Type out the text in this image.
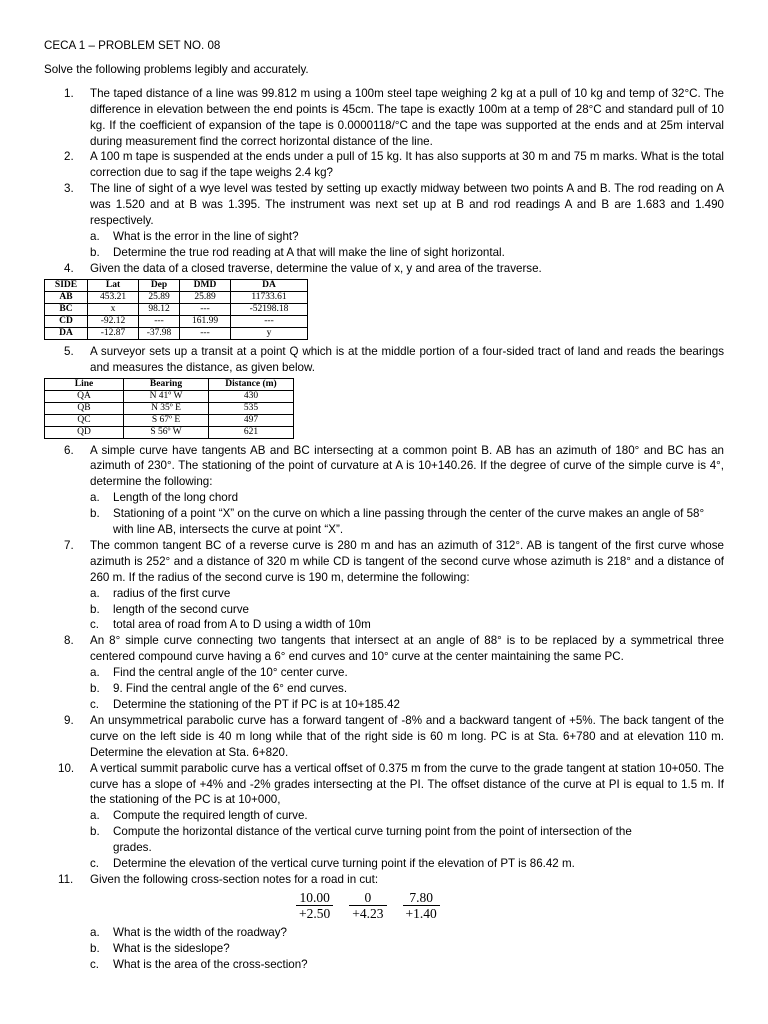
CECA 1 – PROBLEM SET NO. 08
Solve the following problems legibly and accurately.
1. The taped distance of a line was 99.812 m using a 100m steel tape weighing 2 kg at a pull of 10 kg and temp of 32°C. The difference in elevation between the end points is 45cm. The tape is exactly 100m at a temp of 28°C and standard pull of 10 kg. If the coefficient of expansion of the tape is 0.0000118/°C and the tape was supported at the ends and at 25m interval during measurement find the correct horizontal distance of the line.
2. A 100 m tape is suspended at the ends under a pull of 15 kg. It has also supports at 30 m and 75 m marks. What is the total correction due to sag if the tape weighs 2.4 kg?
3. The line of sight of a wye level was tested by setting up exactly midway between two points A and B. The rod reading on A was 1.520 and at B was 1.395. The instrument was next set up at B and rod readings A and B are 1.683 and 1.490 respectively.
a. What is the error in the line of sight?
b. Determine the true rod reading at A that will make the line of sight horizontal.
4. Given the data of a closed traverse, determine the value of x, y and area of the traverse.
SIDE	Lat	Dep	DMD	DA
AB	453.21	25.89	25.89	11733.61
BC	x	98.12	---	-52198.18
CD	-92.12	---	161.99	---
DA	-12.87	-37.98	---	y
5. A surveyor sets up a transit at a point Q which is at the middle portion of a four-sided tract of land and reads the bearings and measures the distance, as given below.
Line	Bearing	Distance (m)
QA	N 41º W	430
QB	N 35º E	535
QC	S 67º E	497
QD	S 56º W	621
6. A simple curve have tangents AB and BC intersecting at a common point B. AB has an azimuth of 180° and BC has an azimuth of 230°. The stationing of the point of curvature at A is 10+140.26. If the degree of curve of the simple curve is 4°, determine the following:
a. Length of the long chord
b. Stationing of a point “X” on the curve on which a line passing through the center of the curve makes an angle of 58° with line AB, intersects the curve at point “X”.
7. The common tangent BC of a reverse curve is 280 m and has an azimuth of 312°. AB is tangent of the first curve whose azimuth is 252° and a distance of 320 m while CD is tangent of the second curve whose azimuth is 218° and a distance of 260 m. If the radius of the second curve is 190 m, determine the following:
a. radius of the first curve
b. length of the second curve
c. total area of road from A to D using a width of 10m
8. An 8° simple curve connecting two tangents that intersect at an angle of 88° is to be replaced by a symmetrical three centered compound curve having a 6° end curves and 10° curve at the center maintaining the same PC.
a. Find the central angle of the 10° center curve.
b. 9. Find the central angle of the 6° end curves.
c. Determine the stationing of the PT if PC is at 10+185.42
9. An unsymmetrical parabolic curve has a forward tangent of -8% and a backward tangent of +5%. The back tangent of the curve on the left side is 40 m long while that of the right side is 60 m long. PC is at Sta. 6+780 and at elevation 110 m. Determine the elevation at Sta. 6+820.
10. A vertical summit parabolic curve has a vertical offset of 0.375 m from the curve to the grade tangent at station 10+050. The curve has a slope of +4% and -2% grades intersecting at the PI. The offset distance of the curve at PI is equal to 1.5 m. If the stationing of the PC is at 10+000,
a. Compute the required length of curve.
b. Compute the horizontal distance of the vertical curve turning point from the point of intersection of the grades.
c. Determine the elevation of the vertical curve turning point if the elevation of PT is 86.42 m.
11. Given the following cross-section notes for a road in cut:
10.00		0		7.80
+2.50		+4.23		+1.40
a. What is the width of the roadway?
b. What is the sideslope?
c. What is the area of the cross-section?
